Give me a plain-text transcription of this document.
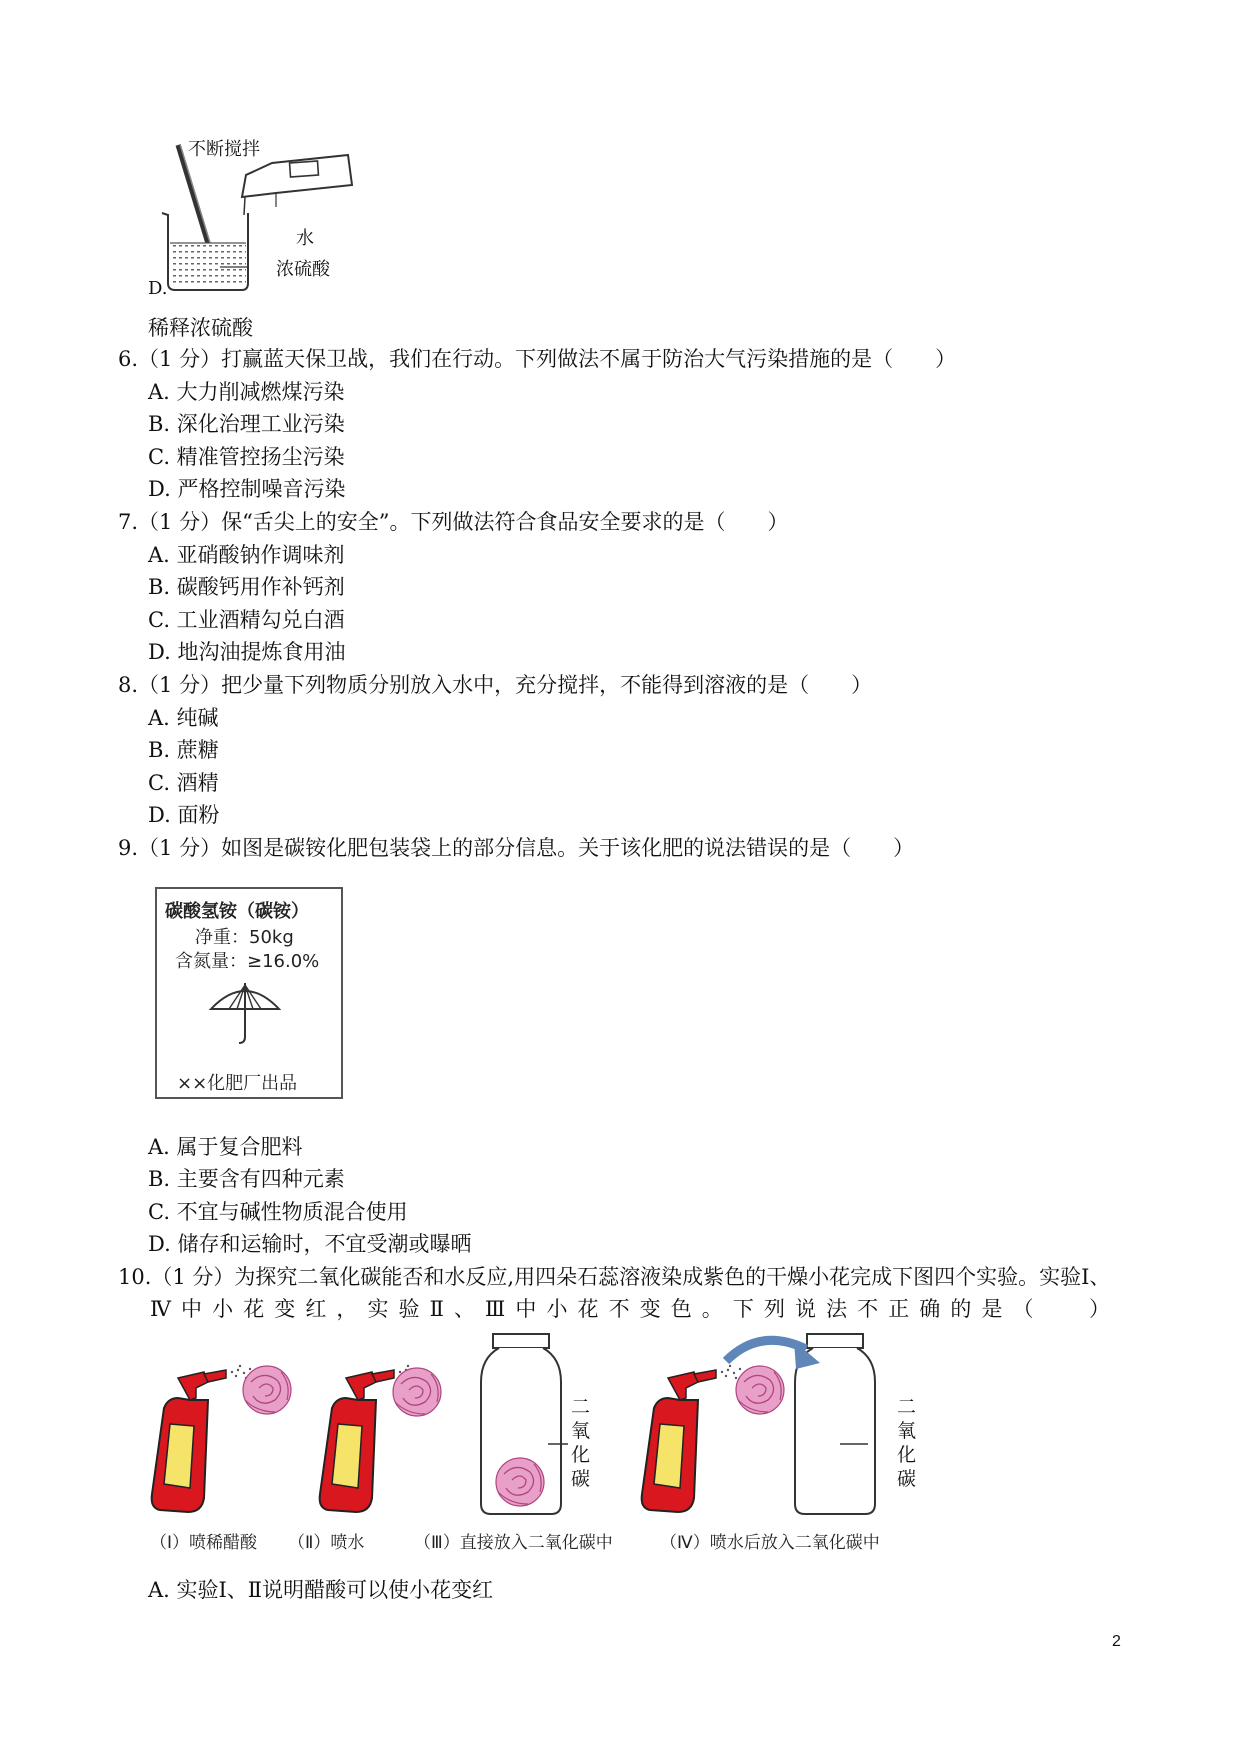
不断搅拌
水
浓硫酸
D.
稀释浓硫酸
6.（1 分）打赢蓝天保卫战，我们在行动。下列做法不属于防治大气污染措施的是（　　）
A. 大力削减燃煤污染
B. 深化治理工业污染
C. 精准管控扬尘污染
D. 严格控制噪音污染
7.（1 分）保“舌尖上的安全”。下列做法符合食品安全要求的是（　　）
A. 亚硝酸钠作调味剂
B. 碳酸钙用作补钙剂
C. 工业酒精勾兑白酒
D. 地沟油提炼食用油
8.（1 分）把少量下列物质分别放入水中，充分搅拌，不能得到溶液的是（　　）
A. 纯碱
B. 蔗糖
C. 酒精
D. 面粉
9.（1 分）如图是碳铵化肥包装袋上的部分信息。关于该化肥的说法错误的是（　　）
碳酸氢铵（碳铵）
净重：50kg
含氮量：≥16.0%
××化肥厂出品
A. 属于复合肥料
B. 主要含有四种元素
C. 不宜与碱性物质混合使用
D. 储存和运输时，不宜受潮或曝晒
10.（1 分）为探究二氧化碳能否和水反应,用四朵石蕊溶液染成紫色的干燥小花完成下图四个实验。实验Ⅰ、
Ⅳ 中 小 花 变 红 ， 实 验 Ⅱ 、 Ⅲ 中 小 花 不 变 色 。 下 列 说 法 不 正 确 的 是 （　　 ）
二氧化碳
二氧化碳
（Ⅰ）喷稀醋酸 （Ⅱ）喷水	（Ⅲ）直接放入二氧化碳中	（Ⅳ）喷水后放入二氧化碳中
A. 实验Ⅰ、Ⅱ说明醋酸可以使小花变红
2
